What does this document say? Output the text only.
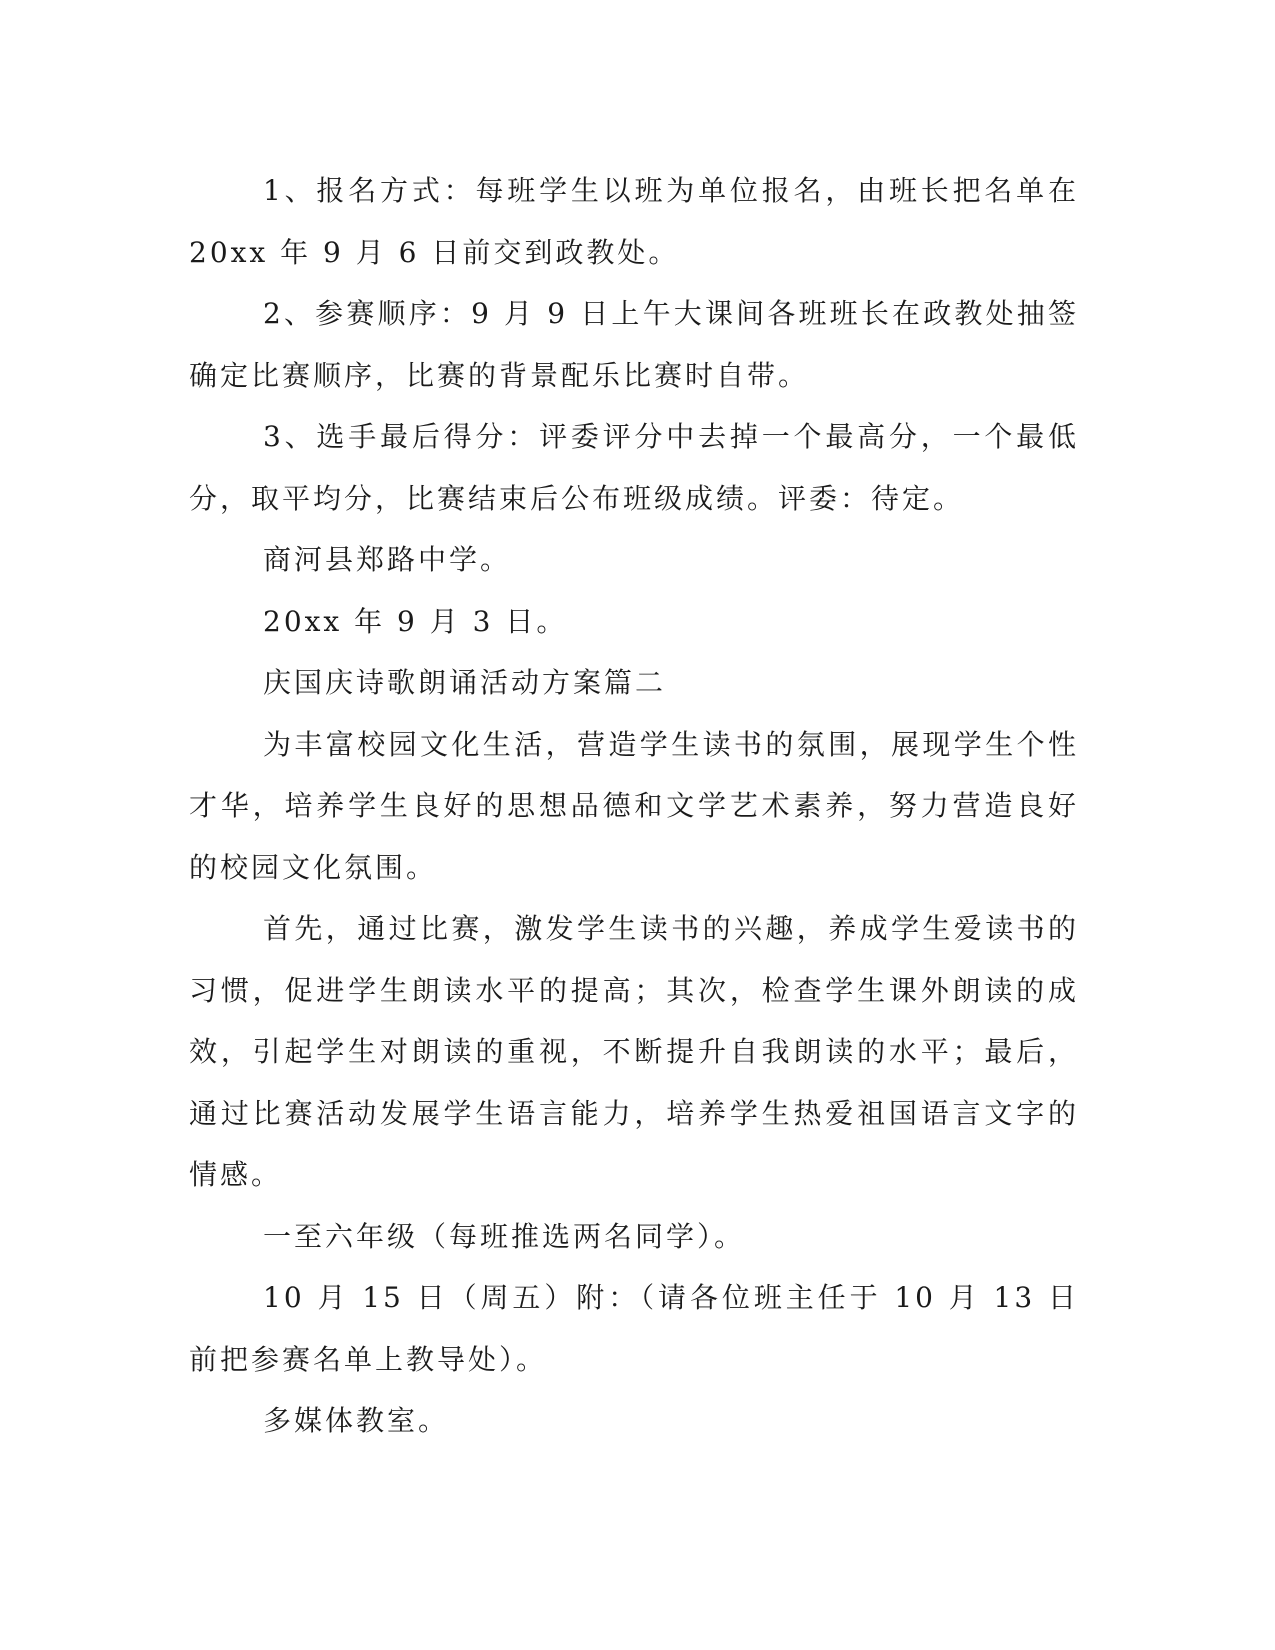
1、报名方式：每班学生以班为单位报名，由班长把名单在 20xx 年 9 月 6 日前交到政教处。

2、参赛顺序：9 月 9 日上午大课间各班班长在政教处抽签确定比赛顺序，比赛的背景配乐比赛时自带。

3、选手最后得分：评委评分中去掉一个最高分，一个最低分，取平均分，比赛结束后公布班级成绩。评委：待定。

商河县郑路中学。

20xx 年 9 月 3 日。

庆国庆诗歌朗诵活动方案篇二

为丰富校园文化生活，营造学生读书的氛围，展现学生个性才华，培养学生良好的思想品德和文学艺术素养，努力营造良好的校园文化氛围。

首先，通过比赛，激发学生读书的兴趣，养成学生爱读书的习惯，促进学生朗读水平的提高；其次，检查学生课外朗读的成效，引起学生对朗读的重视，不断提升自我朗读的水平；最后，通过比赛活动发展学生语言能力，培养学生热爱祖国语言文字的情感。

一至六年级（每班推选两名同学）。

10 月 15 日（周五）附：（请各位班主任于 10 月 13 日前把参赛名单上教导处）。

多媒体教室。
